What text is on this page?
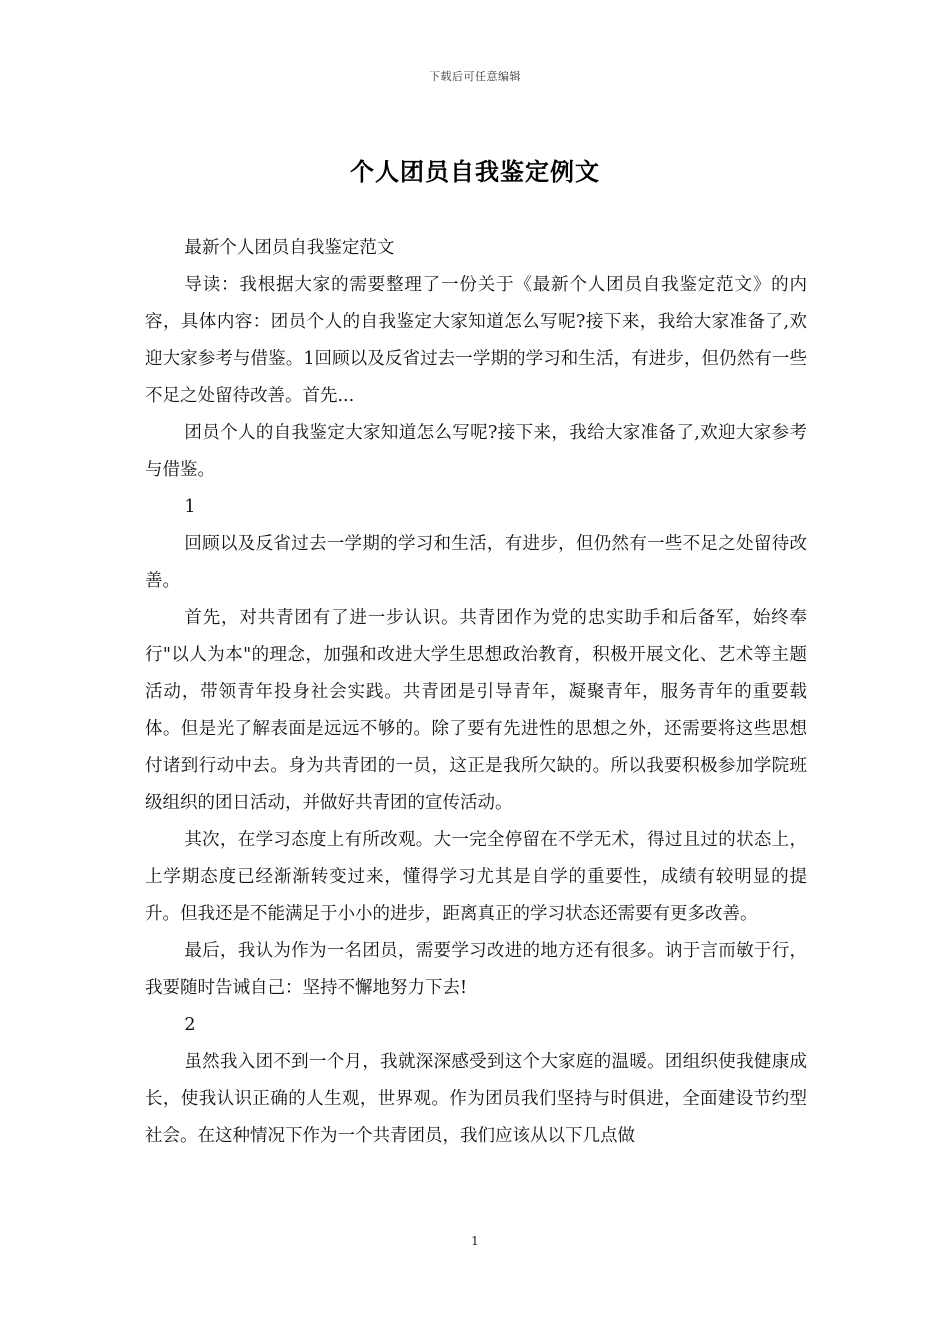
下载后可任意编辑
个人团员自我鉴定例文

最新个人团员自我鉴定范文

导读：我根据大家的需要整理了一份关于《最新个人团员自我鉴定范文》的内容，具体内容：团员个人的自我鉴定大家知道怎么写呢?接下来，我给大家准备了,欢迎大家参考与借鉴。1回顾以及反省过去一学期的学习和生活，有进步，但仍然有一些不足之处留待改善。首先...

团员个人的自我鉴定大家知道怎么写呢?接下来，我给大家准备了,欢迎大家参考与借鉴。

1

回顾以及反省过去一学期的学习和生活，有进步，但仍然有一些不足之处留待改善。

首先，对共青团有了进一步认识。共青团作为党的忠实助手和后备军，始终奉行"以人为本"的理念，加强和改进大学生思想政治教育，积极开展文化、艺术等主题活动，带领青年投身社会实践。共青团是引导青年，凝聚青年，服务青年的重要载体。但是光了解表面是远远不够的。除了要有先进性的思想之外，还需要将这些思想付诸到行动中去。身为共青团的一员，这正是我所欠缺的。所以我要积极参加学院班级组织的团日活动，并做好共青团的宣传活动。

其次，在学习态度上有所改观。大一完全停留在不学无术，得过且过的状态上，上学期态度已经渐渐转变过来，懂得学习尤其是自学的重要性，成绩有较明显的提升。但我还是不能满足于小小的进步，距离真正的学习状态还需要有更多改善。

最后，我认为作为一名团员，需要学习改进的地方还有很多。讷于言而敏于行，我要随时告诫自己：坚持不懈地努力下去!

2

虽然我入团不到一个月，我就深深感受到这个大家庭的温暖。团组织使我健康成长，使我认识正确的人生观，世界观。作为团员我们坚持与时俱进，全面建设节约型社会。在这种情况下作为一个共青团员，我们应该从以下几点做

1
